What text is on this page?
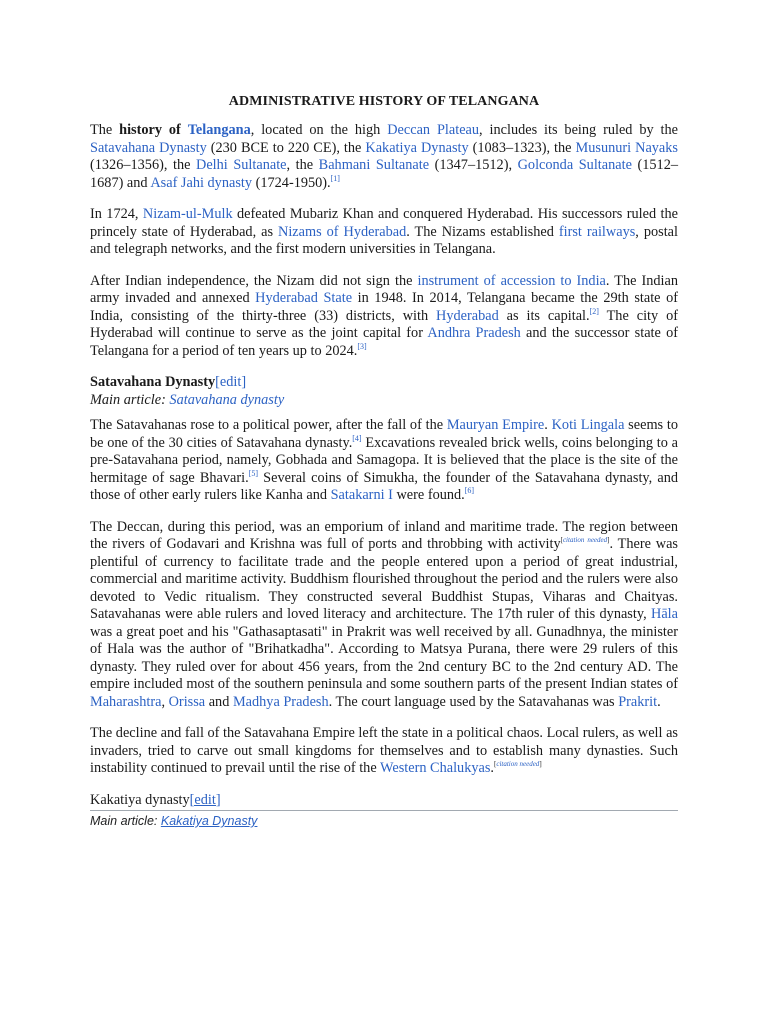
ADMINISTRATIVE HISTORY OF TELANGANA

The history of Telangana, located on the high Deccan Plateau, includes its being ruled by the Satavahana Dynasty (230 BCE to 220 CE), the Kakatiya Dynasty (1083–1323), the Musunuri Nayaks (1326–1356), the Delhi Sultanate, the Bahmani Sultanate (1347–1512), Golconda Sultanate (1512–1687) and Asaf Jahi dynasty (1724-1950).[1]

In 1724, Nizam-ul-Mulk defeated Mubariz Khan and conquered Hyderabad. His successors ruled the princely state of Hyderabad, as Nizams of Hyderabad. The Nizams established first railways, postal and telegraph networks, and the first modern universities in Telangana.

After Indian independence, the Nizam did not sign the instrument of accession to India. The Indian army invaded and annexed Hyderabad State in 1948. In 2014, Telangana became the 29th state of India, consisting of the thirty-three (33) districts, with Hyderabad as its capital.[2] The city of Hyderabad will continue to serve as the joint capital for Andhra Pradesh and the successor state of Telangana for a period of ten years up to 2024.[3]

Satavahana Dynasty[edit]
Main article: Satavahana dynasty

The Satavahanas rose to a political power, after the fall of the Mauryan Empire. Koti Lingala seems to be one of the 30 cities of Satavahana dynasty.[4] Excavations revealed brick wells, coins belonging to a pre-Satavahana period, namely, Gobhada and Samagopa. It is believed that the place is the site of the hermitage of sage Bhavari.[5] Several coins of Simukha, the founder of the Satavahana dynasty, and those of other early rulers like Kanha and Satakarni I were found.[6]

The Deccan, during this period, was an emporium of inland and maritime trade. The region between the rivers of Godavari and Krishna was full of ports and throbbing with activity[citation needed]. There was plentiful of currency to facilitate trade and the people entered upon a period of great industrial, commercial and maritime activity. Buddhism flourished throughout the period and the rulers were also devoted to Vedic ritualism. They constructed several Buddhist Stupas, Viharas and Chaityas. Satavahanas were able rulers and loved literacy and architecture. The 17th ruler of this dynasty, Hāla was a great poet and his "Gathasaptasati" in Prakrit was well received by all. Gunadhnya, the minister of Hala was the author of "Brihatkadha". According to Matsya Purana, there were 29 rulers of this dynasty. They ruled over for about 456 years, from the 2nd century BC to the 2nd century AD. The empire included most of the southern peninsula and some southern parts of the present Indian states of Maharashtra, Orissa and Madhya Pradesh. The court language used by the Satavahanas was Prakrit.

The decline and fall of the Satavahana Empire left the state in a political chaos. Local rulers, as well as invaders, tried to carve out small kingdoms for themselves and to establish many dynasties. Such instability continued to prevail until the rise of the Western Chalukyas.[citation needed]

Kakatiya dynasty[edit]
Main article: Kakatiya Dynasty
